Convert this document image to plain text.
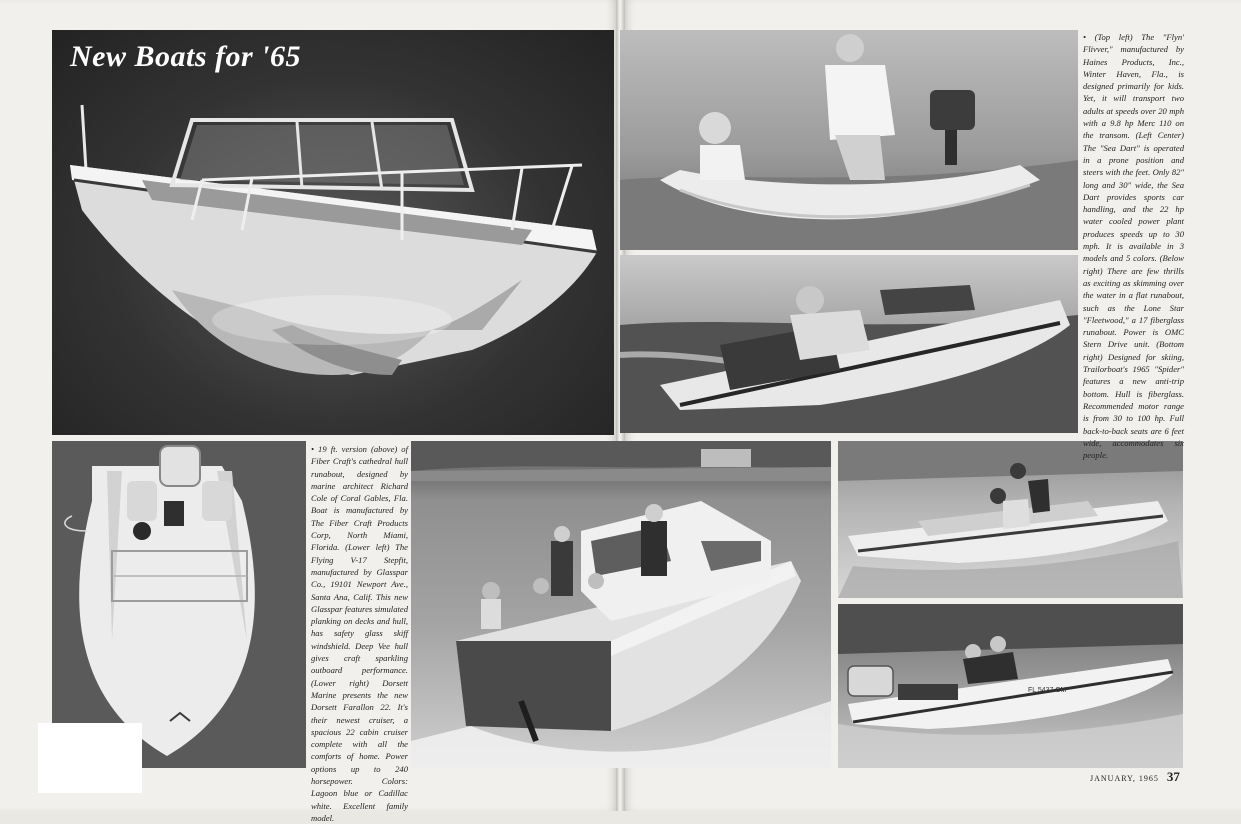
New Boats for '65
• 19 ft. version (above) of Fiber Craft's cathedral hull runabout, designed by marine architect Richard Cole of Coral Gables, Fla. Boat is manufactured by The Fiber Craft Products Corp, North Miami, Florida. (Lower left) The Flying V-17 Stepfit, manufactured by Glasspar Co., 19101 Newport Ave., Santa Ana, Calif. This new Glasspar features simulated planking on decks and hull, has safety glass skiff windshield. Deep Vee hull gives craft sparkling outboard performance. (Lower right) Dorsett Marine presents the new Dorsett Farallon 22. It's their newest cruiser, a spacious 22 cabin cruiser complete with all the comforts of home. Power options up to 240 horsepower. Colors: Lagoon blue or Cadillac white. Excellent family model.
FL 5437 CM
• (Top left) The "Flyn' Flivver," manufactured by Haines Products, Inc., Winter Haven, Fla., is designed primarily for kids. Yet, it will transport two adults at speeds over 20 mph with a 9.8 hp Merc 110 on the transom. (Left Center) The "Sea Dart" is operated in a prone position and steers with the feet. Only 82" long and 30" wide, the Sea Dart provides sports car handling, and the 22 hp water cooled power plant produces speeds up to 30 mph. It is available in 3 models and 5 colors. (Below right) There are few thrills as exciting as skimming over the water in a flat runabout, such as the Lone Star "Fleetwood," a 17 fiberglass runabout. Power is OMC Stern Drive unit. (Bottom right) Designed for skiing, Trailorboat's 1965 "Spider" features a new anti-trip bottom. Hull is fiberglass. Recommended motor range is from 30 to 100 hp. Full back-to-back seats are 6 feet wide, accommodates six people.
JANUARY, 1965 37
